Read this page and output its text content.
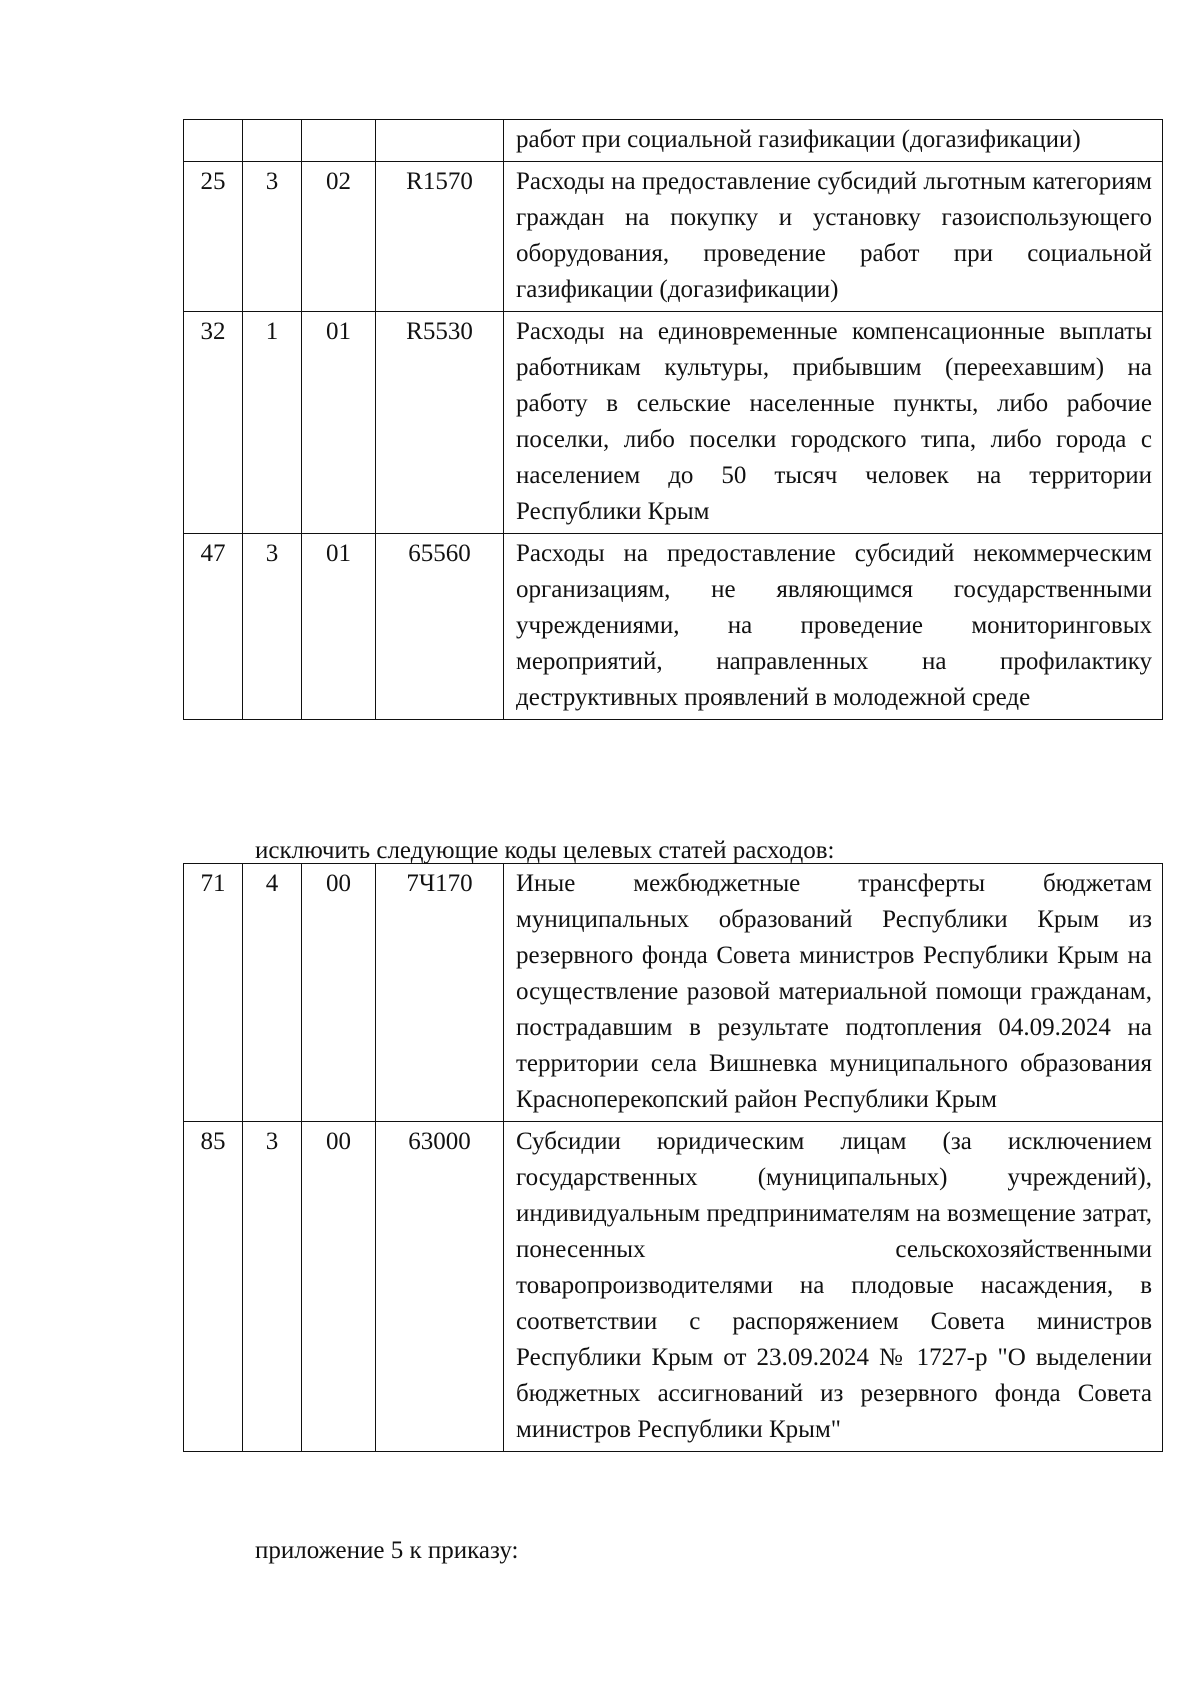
				работ при социальной газификации (догазификации)
25	3	02	R1570	Расходы на предоставление субсидий льготным категориям граждан на покупку и установку газоиспользующего оборудования, проведение работ при социальной газификации (догазификации)
32	1	01	R5530	Расходы на единовременные компенсационные выплаты работникам культуры, прибывшим (переехавшим) на работу в сельские населенные пункты, либо рабочие поселки, либо поселки городского типа, либо города с населением до 50 тысяч человек на территории Республики Крым
47	3	01	65560	Расходы на предоставление субсидий некоммерческим организациям, не являющимся государственными учреждениями, на проведение мониторинговых мероприятий, направленных на профилактику деструктивных проявлений в молодежной среде
исключить следующие коды целевых статей расходов:
71	4	00	7Ч170	Иные межбюджетные трансферты бюджетам муниципальных образований Республики Крым из резервного фонда Совета министров Республики Крым на осуществление разовой материальной помощи гражданам, пострадавшим в результате подтопления 04.09.2024 на территории села Вишневка муниципального образования Красноперекопский район Республики Крым
85	3	00	63000	Субсидии юридическим лицам (за исключением государственных (муниципальных) учреждений), индивидуальным предпринимателям на возмещение затрат, понесенных сельскохозяйственными товаропроизводителями на плодовые насаждения, в соответствии с распоряжением Совета министров Республики Крым от 23.09.2024 № 1727-р "О выделении бюджетных ассигнований из резервного фонда Совета министров Республики Крым"
приложение 5 к приказу:
